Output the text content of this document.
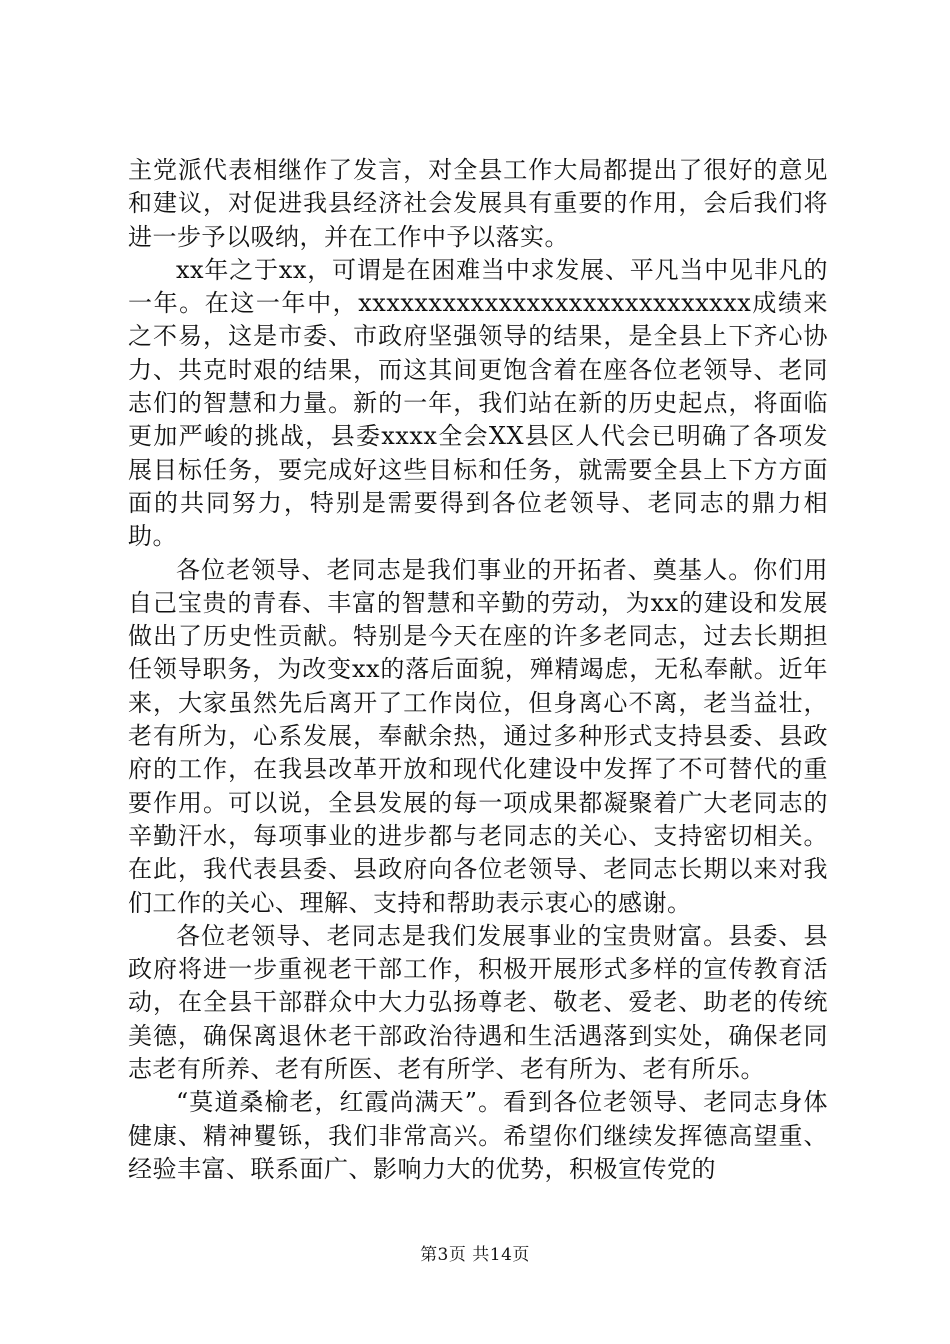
主党派代表相继作了发言，对全县工作大局都提出了很好的意见和建议，对促进我县经济社会发展具有重要的作用，会后我们将进一步予以吸纳，并在工作中予以落实。

xx年之于xx，可谓是在困难当中求发展、平凡当中见非凡的一年。在这一年中，xxxxxxxxxxxxxxxxxxxxxxxxxxxx成绩来之不易，这是市委、市政府坚强领导的结果，是全县上下齐心协力、共克时艰的结果，而这其间更饱含着在座各位老领导、老同志们的智慧和力量。新的一年，我们站在新的历史起点，将面临更加严峻的挑战，县委xxxx全会XX县区人代会已明确了各项发展目标任务，要完成好这些目标和任务，就需要全县上下方方面面的共同努力，特别是需要得到各位老领导、老同志的鼎力相助。

各位老领导、老同志是我们事业的开拓者、奠基人。你们用自己宝贵的青春、丰富的智慧和辛勤的劳动，为xx的建设和发展做出了历史性贡献。特别是今天在座的许多老同志，过去长期担任领导职务，为改变xx的落后面貌，殚精竭虑，无私奉献。近年来，大家虽然先后离开了工作岗位，但身离心不离，老当益壮，老有所为，心系发展，奉献余热，通过多种形式支持县委、县政府的工作，在我县改革开放和现代化建设中发挥了不可替代的重要作用。可以说，全县发展的每一项成果都凝聚着广大老同志的辛勤汗水，每项事业的进步都与老同志的关心、支持密切相关。在此，我代表县委、县政府向各位老领导、老同志长期以来对我们工作的关心、理解、支持和帮助表示衷心的感谢。

各位老领导、老同志是我们发展事业的宝贵财富。县委、县政府将进一步重视老干部工作，积极开展形式多样的宣传教育活动，在全县干部群众中大力弘扬尊老、敬老、爱老、助老的传统美德，确保离退休老干部政治待遇和生活遇落到实处，确保老同志老有所养、老有所医、老有所学、老有所为、老有所乐。

“莫道桑榆老，红霞尚满天”。看到各位老领导、老同志身体健康、精神矍铄，我们非常高兴。希望你们继续发挥德高望重、经验丰富、联系面广、影响力大的优势，积极宣传党的

第3页 共14页
